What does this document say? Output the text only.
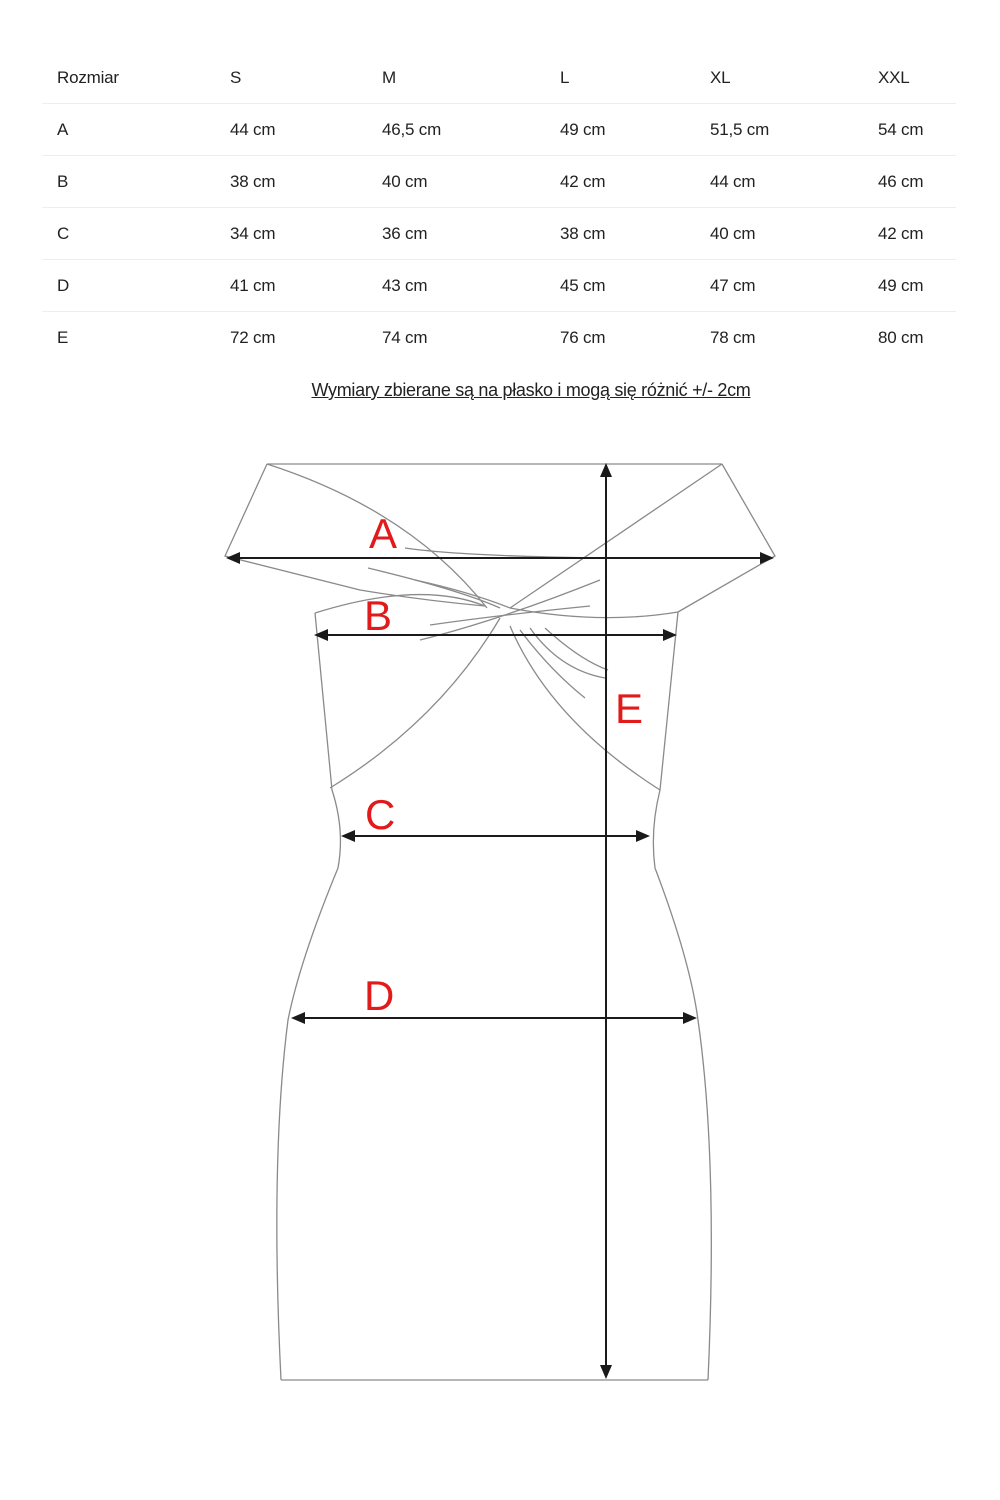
Rozmiar	S	M	L	XL	XXL
A	44 cm	46,5 cm	49 cm	51,5 cm	54 cm
B	38 cm	40 cm	42 cm	44 cm	46 cm
C	34 cm	36 cm	38 cm	40 cm	42 cm
D	41 cm	43 cm	45 cm	47 cm	49 cm
E	72 cm	74 cm	76 cm	78 cm	80 cm
Wymiary zbierane są na płasko i mogą się różnić +/- 2cm
A
B
C
D
E
